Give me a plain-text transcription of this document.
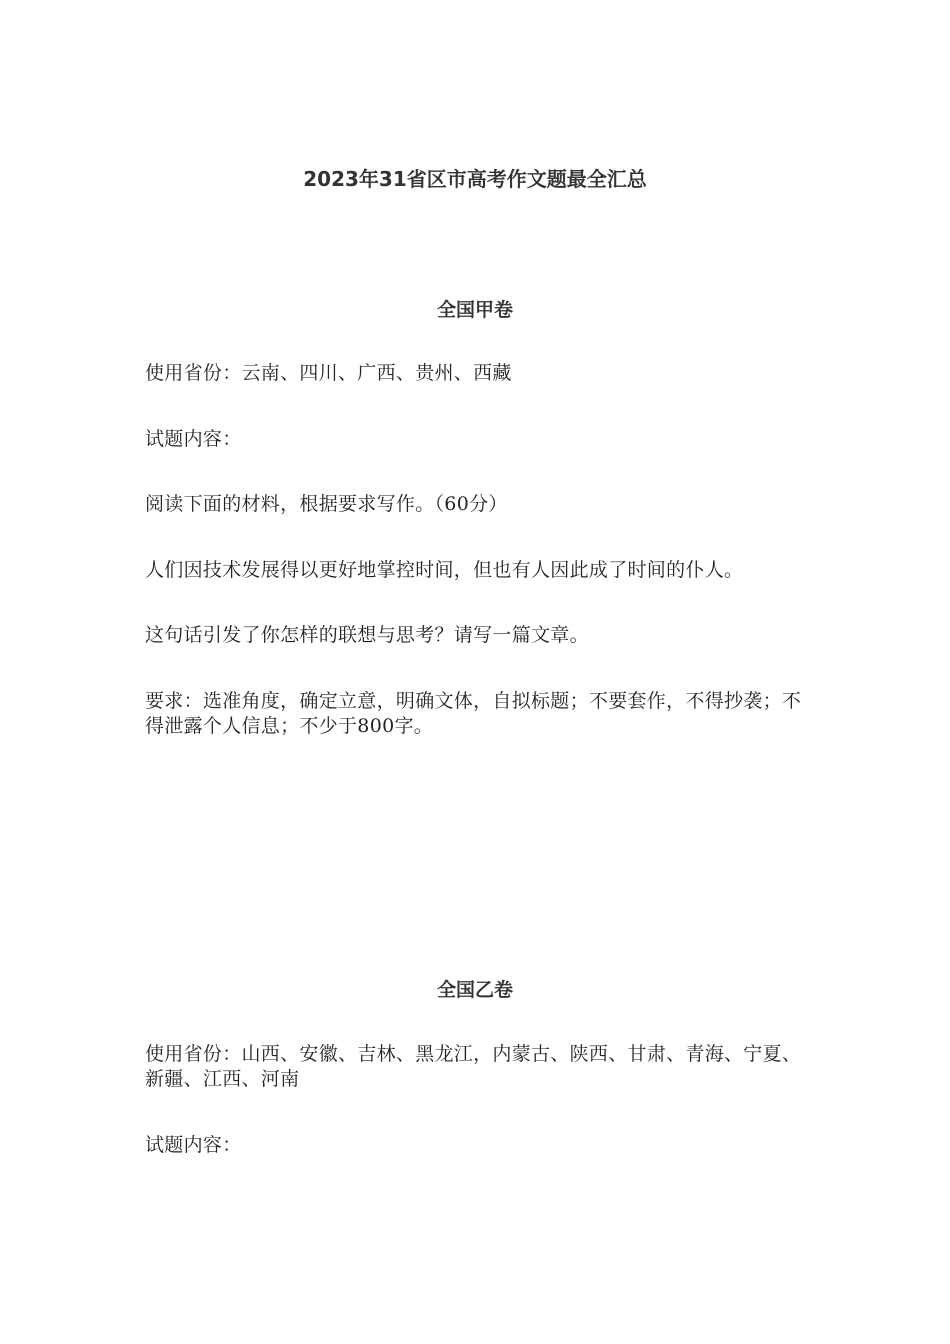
2023年31省区市高考作文题最全汇总
全国甲卷

使用省份：云南、四川、广西、贵州、西藏

试题内容：

阅读下面的材料，根据要求写作。（60分）

人们因技术发展得以更好地掌控时间，但也有人因此成了时间的仆人。

这句话引发了你怎样的联想与思考？请写一篇文章。

要求：选准角度，确定立意，明确文体，自拟标题；不要套作，不得抄袭；不得泄露个人信息；不少于800字。

全国乙卷

使用省份：山西、安徽、吉林、黑龙江，内蒙古、陕西、甘肃、青海、宁夏、新疆、江西、河南

试题内容：
